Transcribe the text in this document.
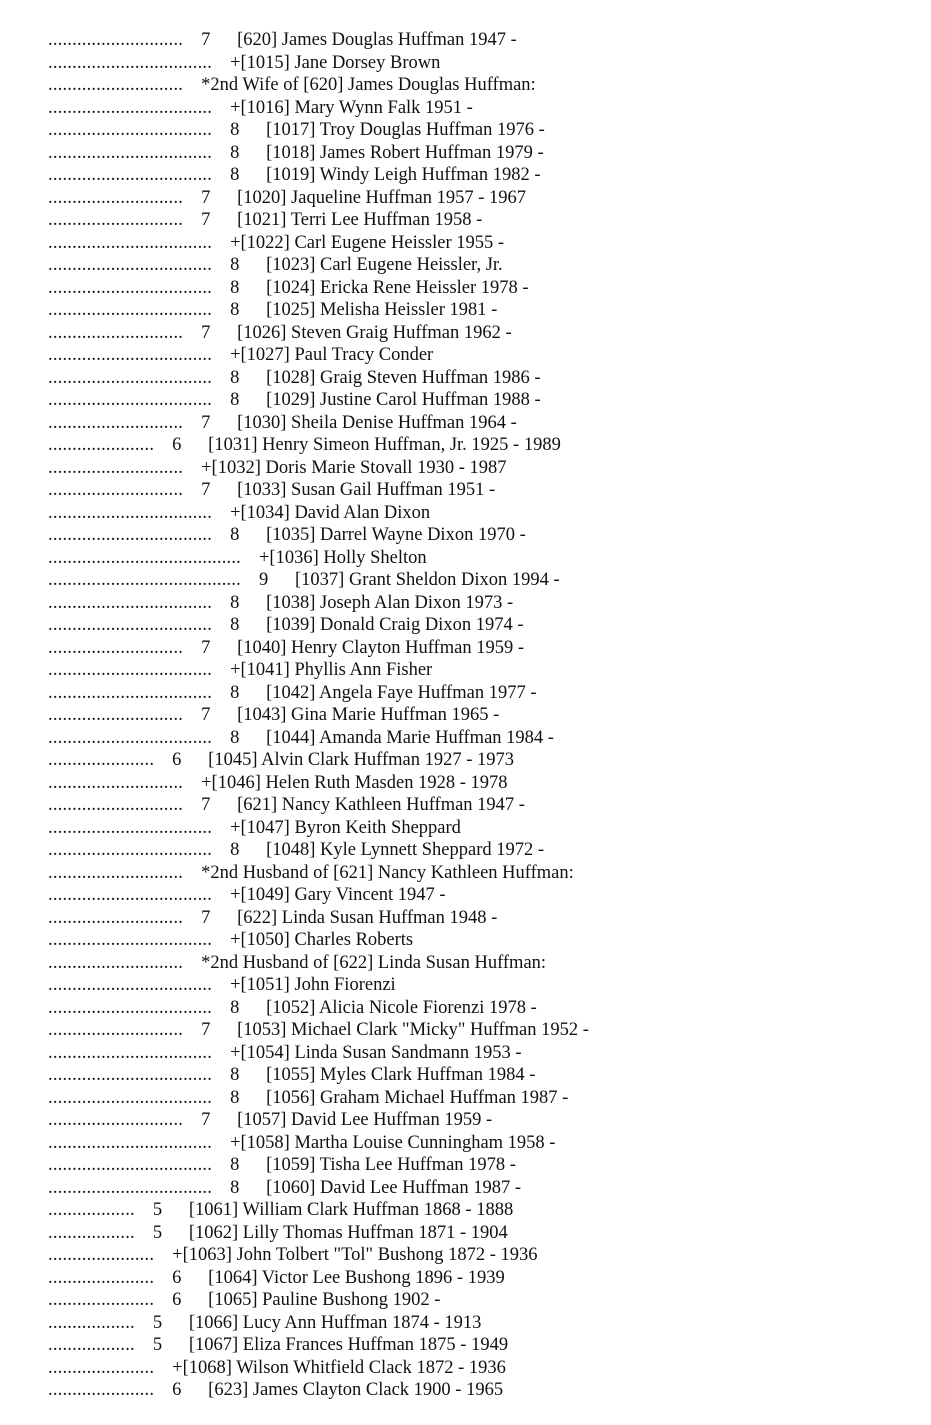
............................ 7 [620] James Douglas Huffman 1947 -
.................................. +[1015] Jane Dorsey Brown
............................ *2nd Wife of [620] James Douglas Huffman:
.................................. +[1016] Mary Wynn Falk 1951 -
.................................. 8 [1017] Troy Douglas Huffman 1976 -
.................................. 8 [1018] James Robert Huffman 1979 -
.................................. 8 [1019] Windy Leigh Huffman 1982 -
............................ 7 [1020] Jaqueline Huffman 1957 - 1967
............................ 7 [1021] Terri Lee Huffman 1958 -
.................................. +[1022] Carl Eugene Heissler 1955 -
.................................. 8 [1023] Carl Eugene Heissler, Jr.
.................................. 8 [1024] Ericka Rene Heissler 1978 -
.................................. 8 [1025] Melisha Heissler 1981 -
............................ 7 [1026] Steven Graig Huffman 1962 -
.................................. +[1027] Paul Tracy Conder
.................................. 8 [1028] Graig Steven Huffman 1986 -
.................................. 8 [1029] Justine Carol Huffman 1988 -
............................ 7 [1030] Sheila Denise Huffman 1964 -
...................... 6 [1031] Henry Simeon Huffman, Jr. 1925 - 1989
............................ +[1032] Doris Marie Stovall 1930 - 1987
............................ 7 [1033] Susan Gail Huffman 1951 -
.................................. +[1034] David Alan Dixon
.................................. 8 [1035] Darrel Wayne Dixon 1970 -
........................................ +[1036] Holly Shelton
........................................ 9 [1037] Grant Sheldon Dixon 1994 -
.................................. 8 [1038] Joseph Alan Dixon 1973 -
.................................. 8 [1039] Donald Craig Dixon 1974 -
............................ 7 [1040] Henry Clayton Huffman 1959 -
.................................. +[1041] Phyllis Ann Fisher
.................................. 8 [1042] Angela Faye Huffman 1977 -
............................ 7 [1043] Gina Marie Huffman 1965 -
.................................. 8 [1044] Amanda Marie Huffman 1984 -
...................... 6 [1045] Alvin Clark Huffman 1927 - 1973
............................ +[1046] Helen Ruth Masden 1928 - 1978
............................ 7 [621] Nancy Kathleen Huffman 1947 -
.................................. +[1047] Byron Keith Sheppard
.................................. 8 [1048] Kyle Lynnett Sheppard 1972 -
............................ *2nd Husband of [621] Nancy Kathleen Huffman:
.................................. +[1049] Gary Vincent 1947 -
............................ 7 [622] Linda Susan Huffman 1948 -
.................................. +[1050] Charles Roberts
............................ *2nd Husband of [622] Linda Susan Huffman:
.................................. +[1051] John Fiorenzi
.................................. 8 [1052] Alicia Nicole Fiorenzi 1978 -
............................ 7 [1053] Michael Clark "Micky" Huffman 1952 -
.................................. +[1054] Linda Susan Sandmann 1953 -
.................................. 8 [1055] Myles Clark Huffman 1984 -
.................................. 8 [1056] Graham Michael Huffman 1987 -
............................ 7 [1057] David Lee Huffman 1959 -
.................................. +[1058] Martha Louise Cunningham 1958 -
.................................. 8 [1059] Tisha Lee Huffman 1978 -
.................................. 8 [1060] David Lee Huffman 1987 -
.................. 5 [1061] William Clark Huffman 1868 - 1888
.................. 5 [1062] Lilly Thomas Huffman 1871 - 1904
...................... +[1063] John Tolbert "Tol" Bushong 1872 - 1936
...................... 6 [1064] Victor Lee Bushong 1896 - 1939
...................... 6 [1065] Pauline Bushong 1902 -
.................. 5 [1066] Lucy Ann Huffman 1874 - 1913
.................. 5 [1067] Eliza Frances Huffman 1875 - 1949
...................... +[1068] Wilson Whitfield Clack 1872 - 1936
...................... 6 [623] James Clayton Clack 1900 - 1965
